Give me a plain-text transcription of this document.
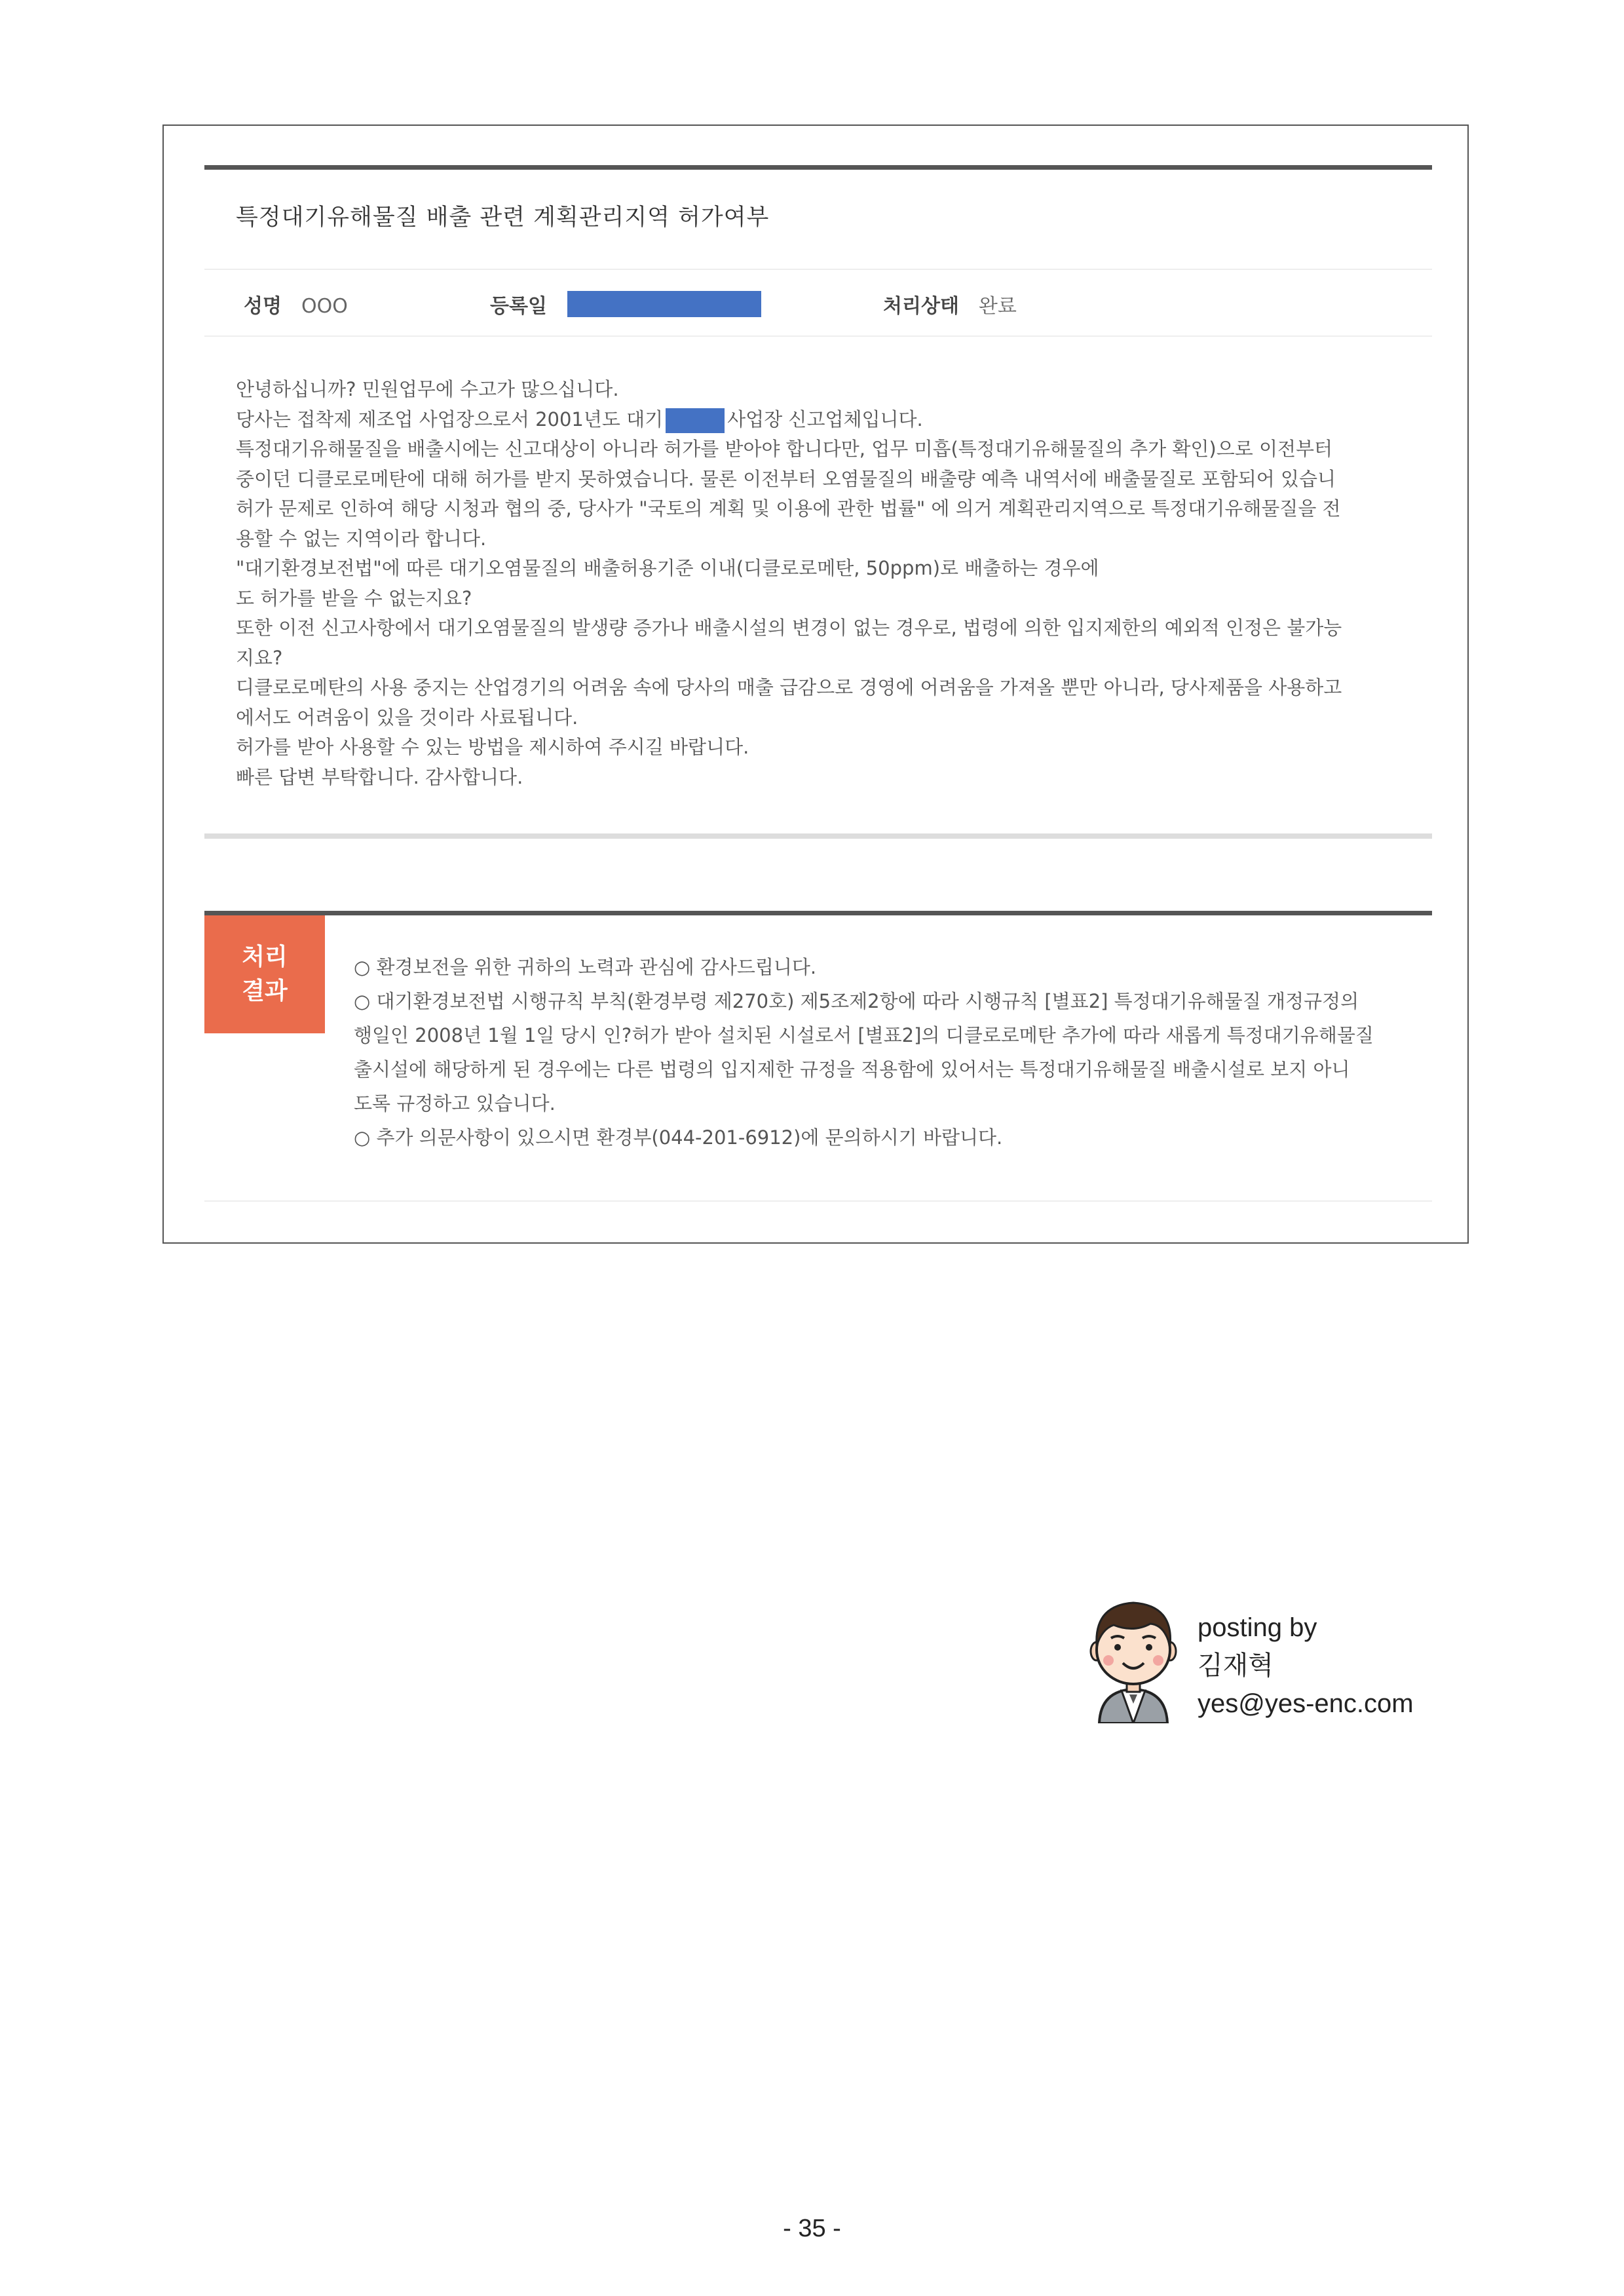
특정대기유해물질 배출 관련 계획관리지역 허가여부
성명 OOO	등록일	처리상태 완료
안녕하십니까? 민원업무에 수고가 많으십니다.
당사는 접착제 제조업 사업장으로서 2001년도 대기	사업장 신고업체입니다.
특정대기유해물질을 배출시에는 신고대상이 아니라 허가를 받아야 합니다만, 업무 미흡(특정대기유해물질의 추가 확인)으로 이전부터
중이던 디클로로메탄에 대해 허가를 받지 못하였습니다. 물론 이전부터 오염물질의 배출량 예측 내역서에 배출물질로 포함되어 있습니
허가 문제로 인하여 해당 시청과 협의 중, 당사가 "국토의 계획 및 이용에 관한 법률" 에 의거 계획관리지역으로 특정대기유해물질을 전
용할 수 없는 지역이라 합니다.
"대기환경보전법"에 따른 대기오염물질의 배출허용기준 이내(디클로로메탄, 50ppm)로 배출하는 경우에
도 허가를 받을 수 없는지요?
또한 이전 신고사항에서 대기오염물질의 발생량 증가나 배출시설의 변경이 없는 경우로, 법령에 의한 입지제한의 예외적 인정은 불가능
지요?
디클로로메탄의 사용 중지는 산업경기의 어려움 속에 당사의 매출 급감으로 경영에 어려움을 가져올 뿐만 아니라, 당사제품을 사용하고
에서도 어려움이 있을 것이라 사료됩니다.
허가를 받아 사용할 수 있는 방법을 제시하여 주시길 바랍니다.
빠른 답변 부탁합니다. 감사합니다.
처리
결과
○ 환경보전을 위한 귀하의 노력과 관심에 감사드립니다.
○ 대기환경보전법 시행규칙 부칙(환경부령 제270호) 제5조제2항에 따라 시행규칙 [별표2] 특정대기유해물질 개정규정의
행일인 2008년 1월 1일 당시 인?허가 받아 설치된 시설로서 [별표2]의 디클로로메탄 추가에 따라 새롭게 특정대기유해물질
출시설에 해당하게 된 경우에는 다른 법령의 입지제한 규정을 적용함에 있어서는 특정대기유해물질 배출시설로 보지 아니
도록 규정하고 있습니다.
○ 추가 의문사항이 있으시면 환경부(044-201-6912)에 문의하시기 바랍니다.
posting by
김재혁
yes@yes-enc.com
- 35 -
